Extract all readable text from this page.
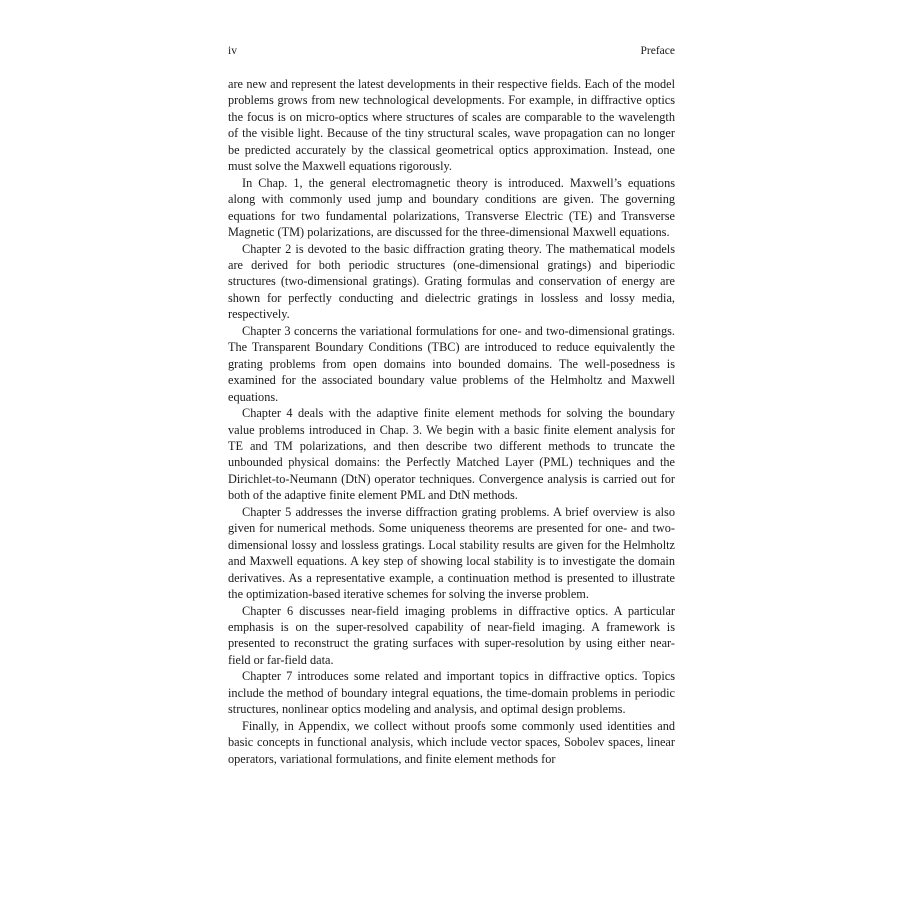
iv	Preface

are new and represent the latest developments in their respective fields. Each of the model problems grows from new technological developments. For example, in diffractive optics the focus is on micro-optics where structures of scales are comparable to the wavelength of the visible light. Because of the tiny structural scales, wave propagation can no longer be predicted accurately by the classical geometrical optics approximation. Instead, one must solve the Maxwell equations rigorously.

In Chap. 1, the general electromagnetic theory is introduced. Maxwell’s equations along with commonly used jump and boundary conditions are given. The governing equations for two fundamental polarizations, Transverse Electric (TE) and Transverse Magnetic (TM) polarizations, are discussed for the three-dimensional Maxwell equations.

Chapter 2 is devoted to the basic diffraction grating theory. The mathematical models are derived for both periodic structures (one-dimensional gratings) and biperiodic structures (two-dimensional gratings). Grating formulas and conservation of energy are shown for perfectly conducting and dielectric gratings in lossless and lossy media, respectively.

Chapter 3 concerns the variational formulations for one- and two-dimensional gratings. The Transparent Boundary Conditions (TBC) are introduced to reduce equivalently the grating problems from open domains into bounded domains. The well-posedness is examined for the associated boundary value problems of the Helmholtz and Maxwell equations.

Chapter 4 deals with the adaptive finite element methods for solving the boundary value problems introduced in Chap. 3. We begin with a basic finite element analysis for TE and TM polarizations, and then describe two different methods to truncate the unbounded physical domains: the Perfectly Matched Layer (PML) techniques and the Dirichlet-to-Neumann (DtN) operator techniques. Convergence analysis is carried out for both of the adaptive finite element PML and DtN methods.

Chapter 5 addresses the inverse diffraction grating problems. A brief overview is also given for numerical methods. Some uniqueness theorems are presented for one- and two-dimensional lossy and lossless gratings. Local stability results are given for the Helmholtz and Maxwell equations. A key step of showing local stability is to investigate the domain derivatives. As a representative example, a continuation method is presented to illustrate the optimization-based iterative schemes for solving the inverse problem.

Chapter 6 discusses near-field imaging problems in diffractive optics. A particular emphasis is on the super-resolved capability of near-field imaging. A framework is presented to reconstruct the grating surfaces with super-resolution by using either near-field or far-field data.

Chapter 7 introduces some related and important topics in diffractive optics. Topics include the method of boundary integral equations, the time-domain problems in periodic structures, nonlinear optics modeling and analysis, and optimal design problems.

Finally, in Appendix, we collect without proofs some commonly used identities and basic concepts in functional analysis, which include vector spaces, Sobolev spaces, linear operators, variational formulations, and finite element methods for
